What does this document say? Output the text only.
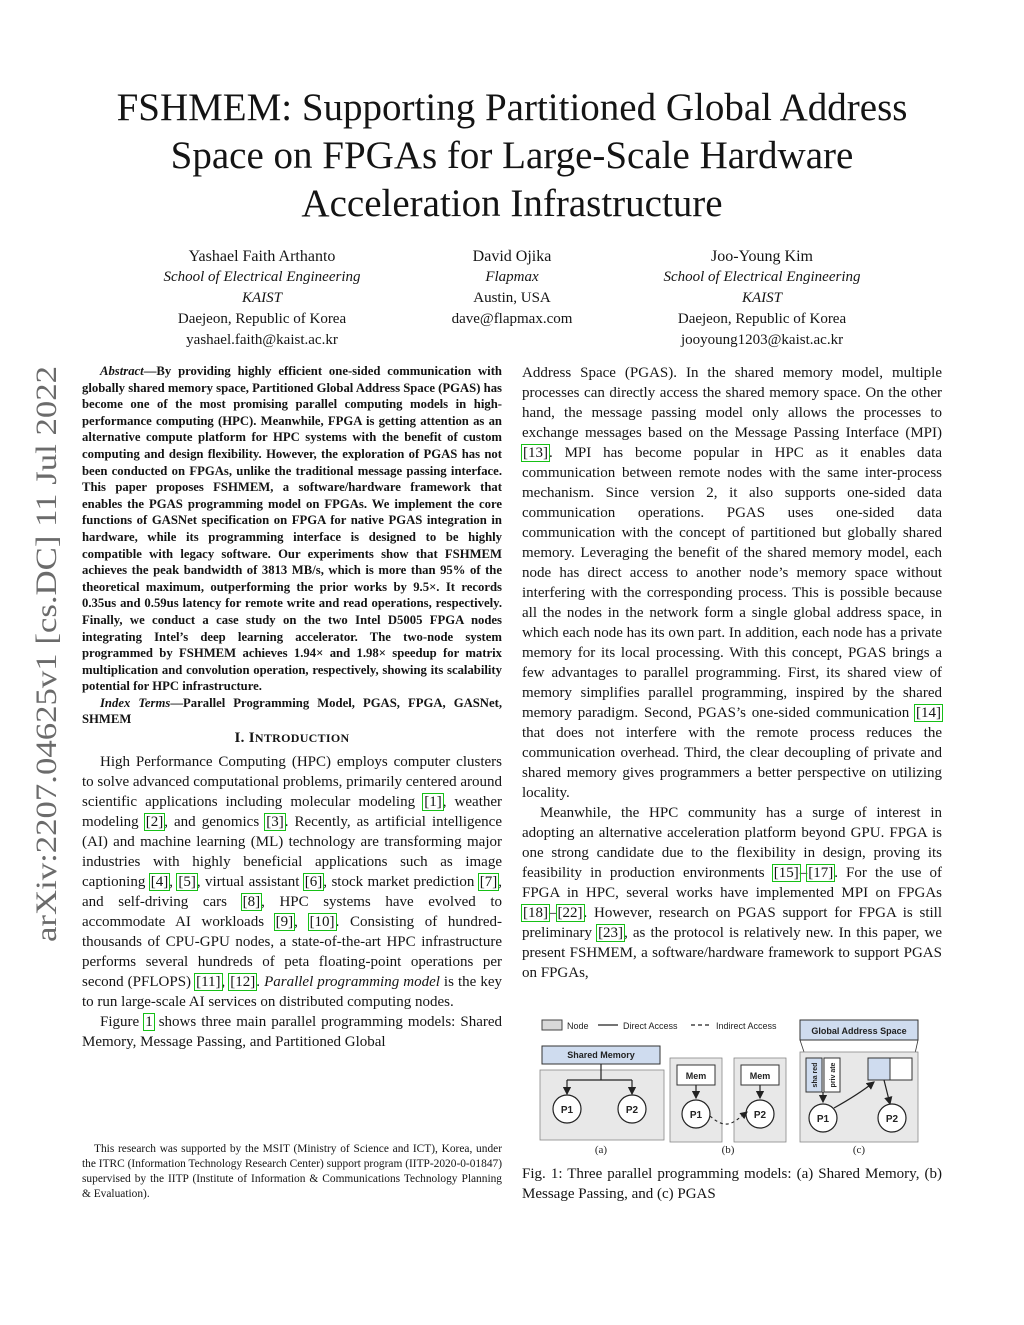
arXiv:2207.04625v1 [cs.DC] 11 Jul 2022
FSHMEM: Supporting Partitioned Global Address
Space on FPGAs for Large-Scale Hardware
Acceleration Infrastructure
Yashael Faith Arthanto
School of Electrical Engineering
KAIST
Daejeon, Republic of Korea
yashael.faith@kaist.ac.kr
David Ojika
Flapmax
Austin, USA
dave@flapmax.com
Joo-Young Kim
School of Electrical Engineering
KAIST
Daejeon, Republic of Korea
jooyoung1203@kaist.ac.kr

Abstract—By providing highly efficient one-sided communication with globally shared memory space, Partitioned Global Address Space (PGAS) has become one of the most promising parallel computing models in high-performance computing (HPC). Meanwhile, FPGA is getting attention as an alternative compute platform for HPC systems with the benefit of custom computing and design flexibility. However, the exploration of PGAS has not been conducted on FPGAs, unlike the traditional message passing interface. This paper proposes FSHMEM, a software/hardware framework that enables the PGAS programming model on FPGAs. We implement the core functions of GASNet specification on FPGA for native PGAS integration in hardware, while its programming interface is designed to be highly compatible with legacy software. Our experiments show that FSHMEM achieves the peak bandwidth of 3813 MB/s, which is more than 95% of the theoretical maximum, outperforming the prior works by 9.5×. It records 0.35us and 0.59us latency for remote write and read operations, respectively. Finally, we conduct a case study on the two Intel D5005 FPGA nodes integrating Intel’s deep learning accelerator. The two-node system programmed by FSHMEM achieves 1.94× and 1.98× speedup for matrix multiplication and convolution operation, respectively, showing its scalability potential for HPC infrastructure.

Index Terms—Parallel Programming Model, PGAS, FPGA, GASNet, SHMEM

I. INTRODUCTION

High Performance Computing (HPC) employs computer clusters to solve advanced computational problems, primarily centered around scientific applications including molecular modeling [1], weather modeling [2], and genomics [3]. Recently, as artificial intelligence (AI) and machine learning (ML) technology are transforming major industries with highly beneficial applications such as image captioning [4], [5], virtual assistant [6], stock market prediction [7], and self-driving cars [8], HPC systems have evolved to accommodate AI workloads [9], [10]. Consisting of hundred-thousands of CPU-GPU nodes, a state-of-the-art HPC infrastructure performs several hundreds of peta floating-point operations per second (PFLOPS) [11], [12]. Parallel programming model is the key to run large-scale AI services on distributed computing nodes.

Figure 1 shows three main parallel programming models: Shared Memory, Message Passing, and Partitioned Global

This research was supported by the MSIT (Ministry of Science and ICT), Korea, under the ITRC (Information Technology Research Center) support program (IITP-2020-0-01847) supervised by the IITP (Institute of Information & Communications Technology Planning & Evaluation).

Address Space (PGAS). In the shared memory model, multiple processes can directly access the shared memory space. On the other hand, the message passing model only allows the processes to exchange messages based on the Message Passing Interface (MPI) [13]. MPI has become popular in HPC as it enables data communication between remote nodes with the same inter-process mechanism. Since version 2, it also supports one-sided data communication operations. PGAS uses one-sided data communication with the concept of partitioned but globally shared memory. Leveraging the benefit of the shared memory model, each node has direct access to another node’s memory space without interfering with the corresponding process. This is possible because all the nodes in the network form a single global address space, in which each node has its own part. In addition, each node has a private memory for its local processing. With this concept, PGAS brings a few advantages to parallel programming. First, its shared view of memory simplifies parallel programming, inspired by the shared memory paradigm. Second, PGAS’s one-sided communication [14] that does not interfere with the remote process reduces the communication overhead. Third, the clear decoupling of private and shared memory gives programmers a better perspective on utilizing locality.

Meanwhile, the HPC community has a surge of interest in adopting an alternative acceleration platform beyond GPU. FPGA is one strong candidate due to the flexibility in design, proving its feasibility in production environments [15]–[17]. For the use of FPGA in HPC, several works have implemented MPI on FPGAs [18]–[22]. However, research on PGAS support for FPGA is still preliminary [23], as the protocol is relatively new. In this paper, we present FSHMEM, a software/hardware framework to support PGAS on FPGAs,

Node	Direct Access	Indirect Access
Shared Memory
P1	P2
(a)
Mem	Mem
P1	P2
(b)
Global Address Space
sha red priv ate
P1	P2
(c)

Fig. 1: Three parallel programming models: (a) Shared Memory, (b) Message Passing, and (c) PGAS
